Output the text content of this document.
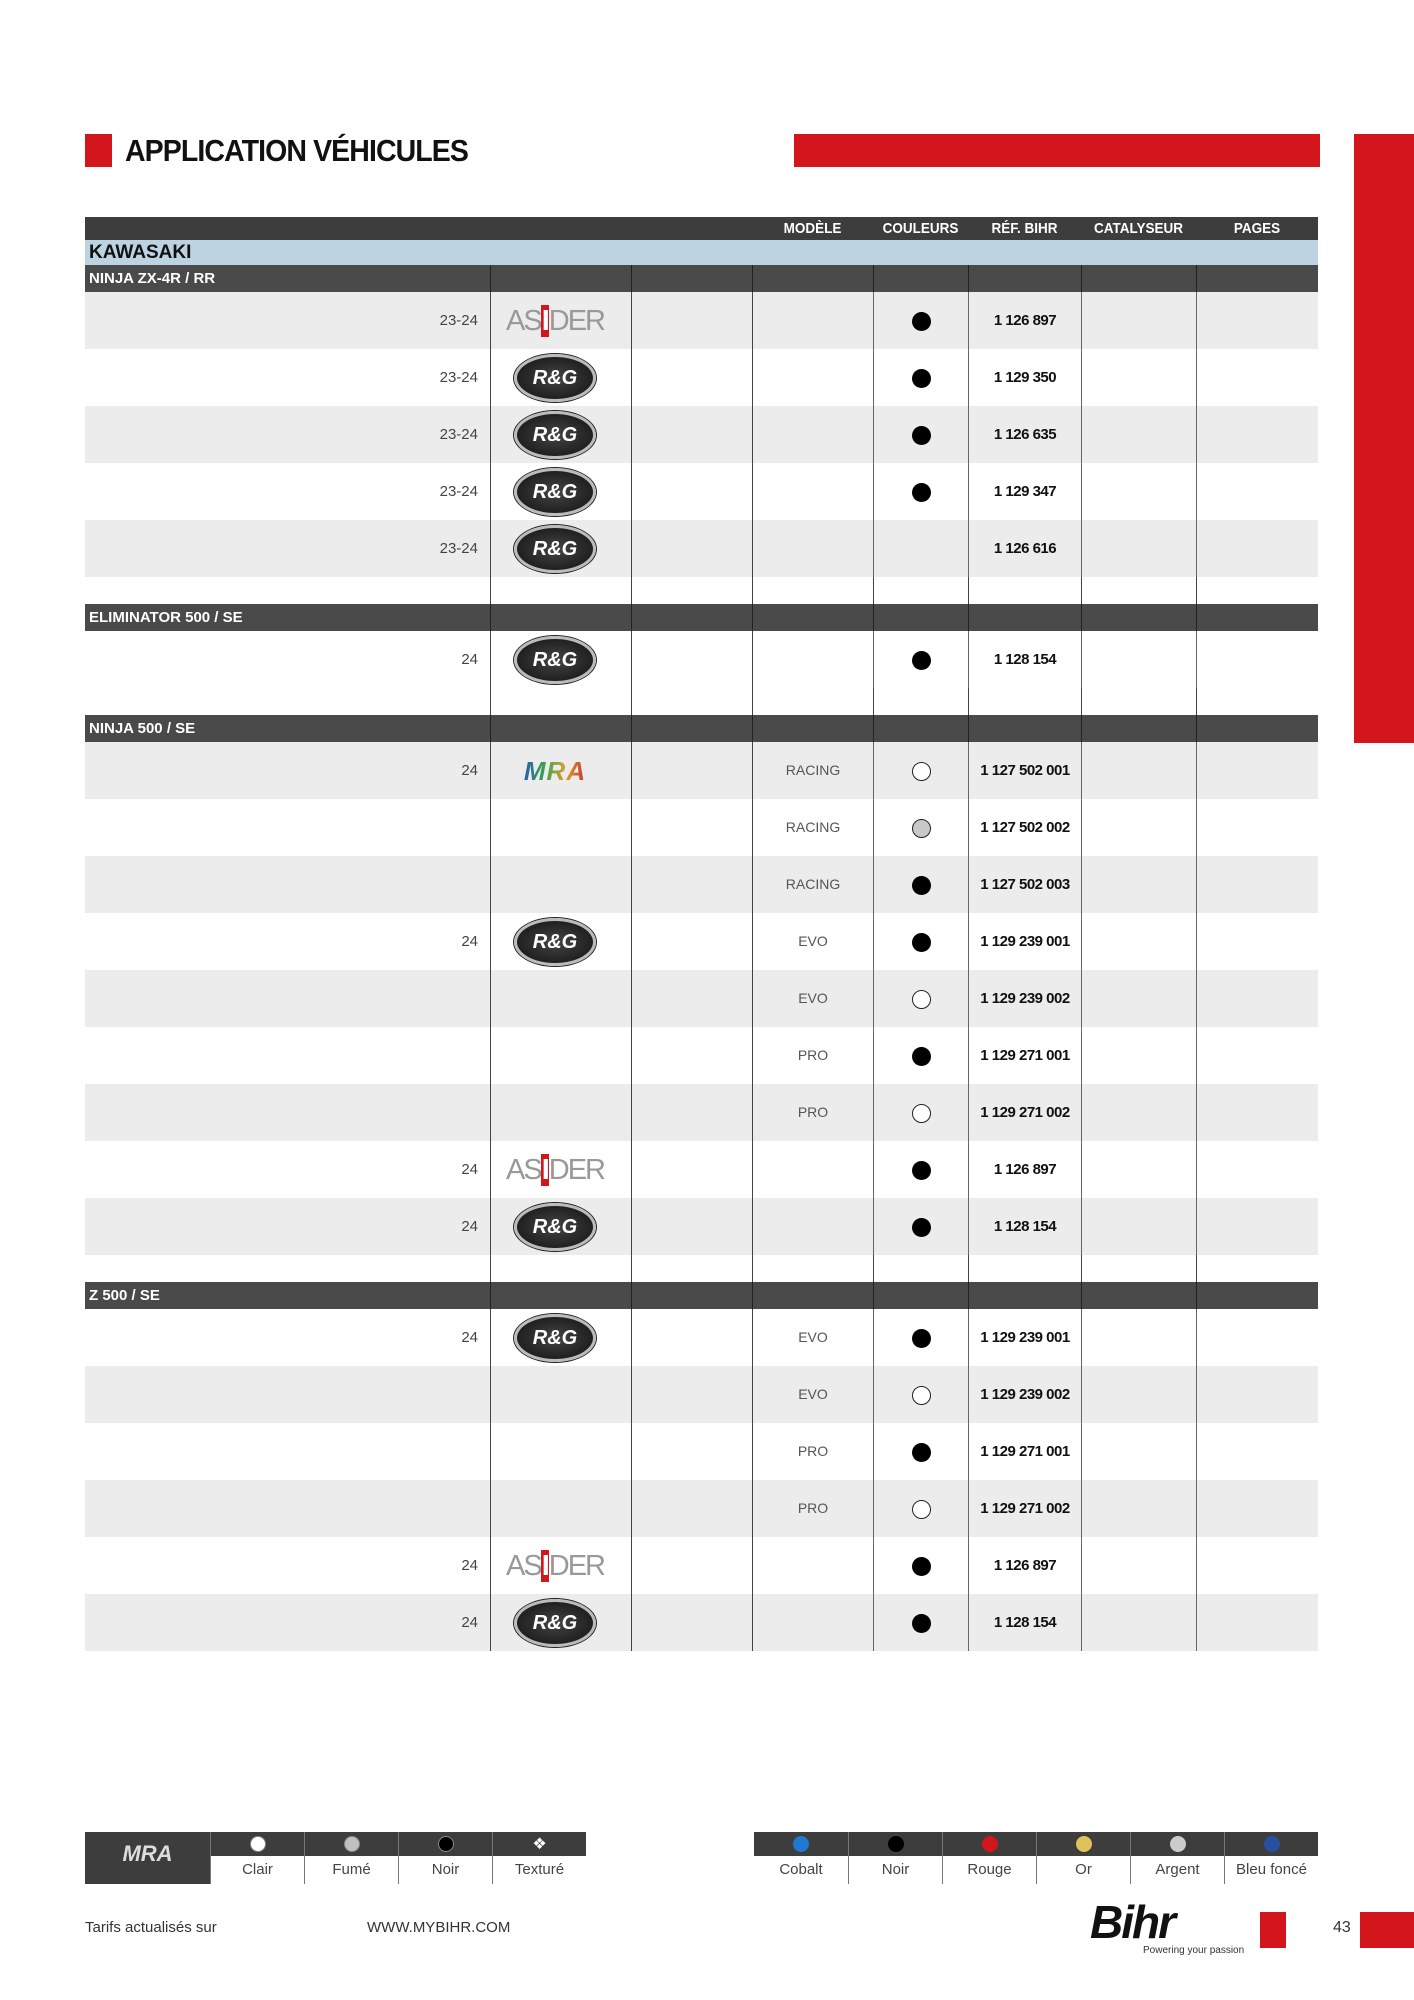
APPLICATION VÉHICULES
MODÈLE	COULEURS	RÉF. BIHR	CATALYSEUR	PAGES
KAWASAKI
NINJA ZX-4R / RR
23-24 ASIDER	1 126 897
23-24	R&G	1 129 350
23-24	R&G	1 126 635
23-24	R&G	1 129 347
23-24	R&G	1 126 616
ELIMINATOR 500 / SE
24	R&G	1 128 154
NINJA 500 / SE
24	MRA	RACING	1 127 502 001
RACING	1 127 502 002
RACING	1 127 502 003
24	R&G	EVO	1 129 239 001
EVO	1 129 239 002
PRO	1 129 271 001
PRO	1 129 271 002
24 ASIDER	1 126 897
24	R&G	1 128 154
Z 500 / SE
24	R&G	EVO	1 129 239 001
EVO	1 129 239 002
PRO	1 129 271 001
PRO	1 129 271 002
24 ASIDER	1 126 897
24	R&G	1 128 154
MRA
Clair	Fumé	Noir
❖
Texturé	Cobalt	Noir	Rouge	Or	Argent	Bleu foncé
Tarifs actualisés sur	WWW.MYBIHR.COM	Bihr
Powering your passion
43
